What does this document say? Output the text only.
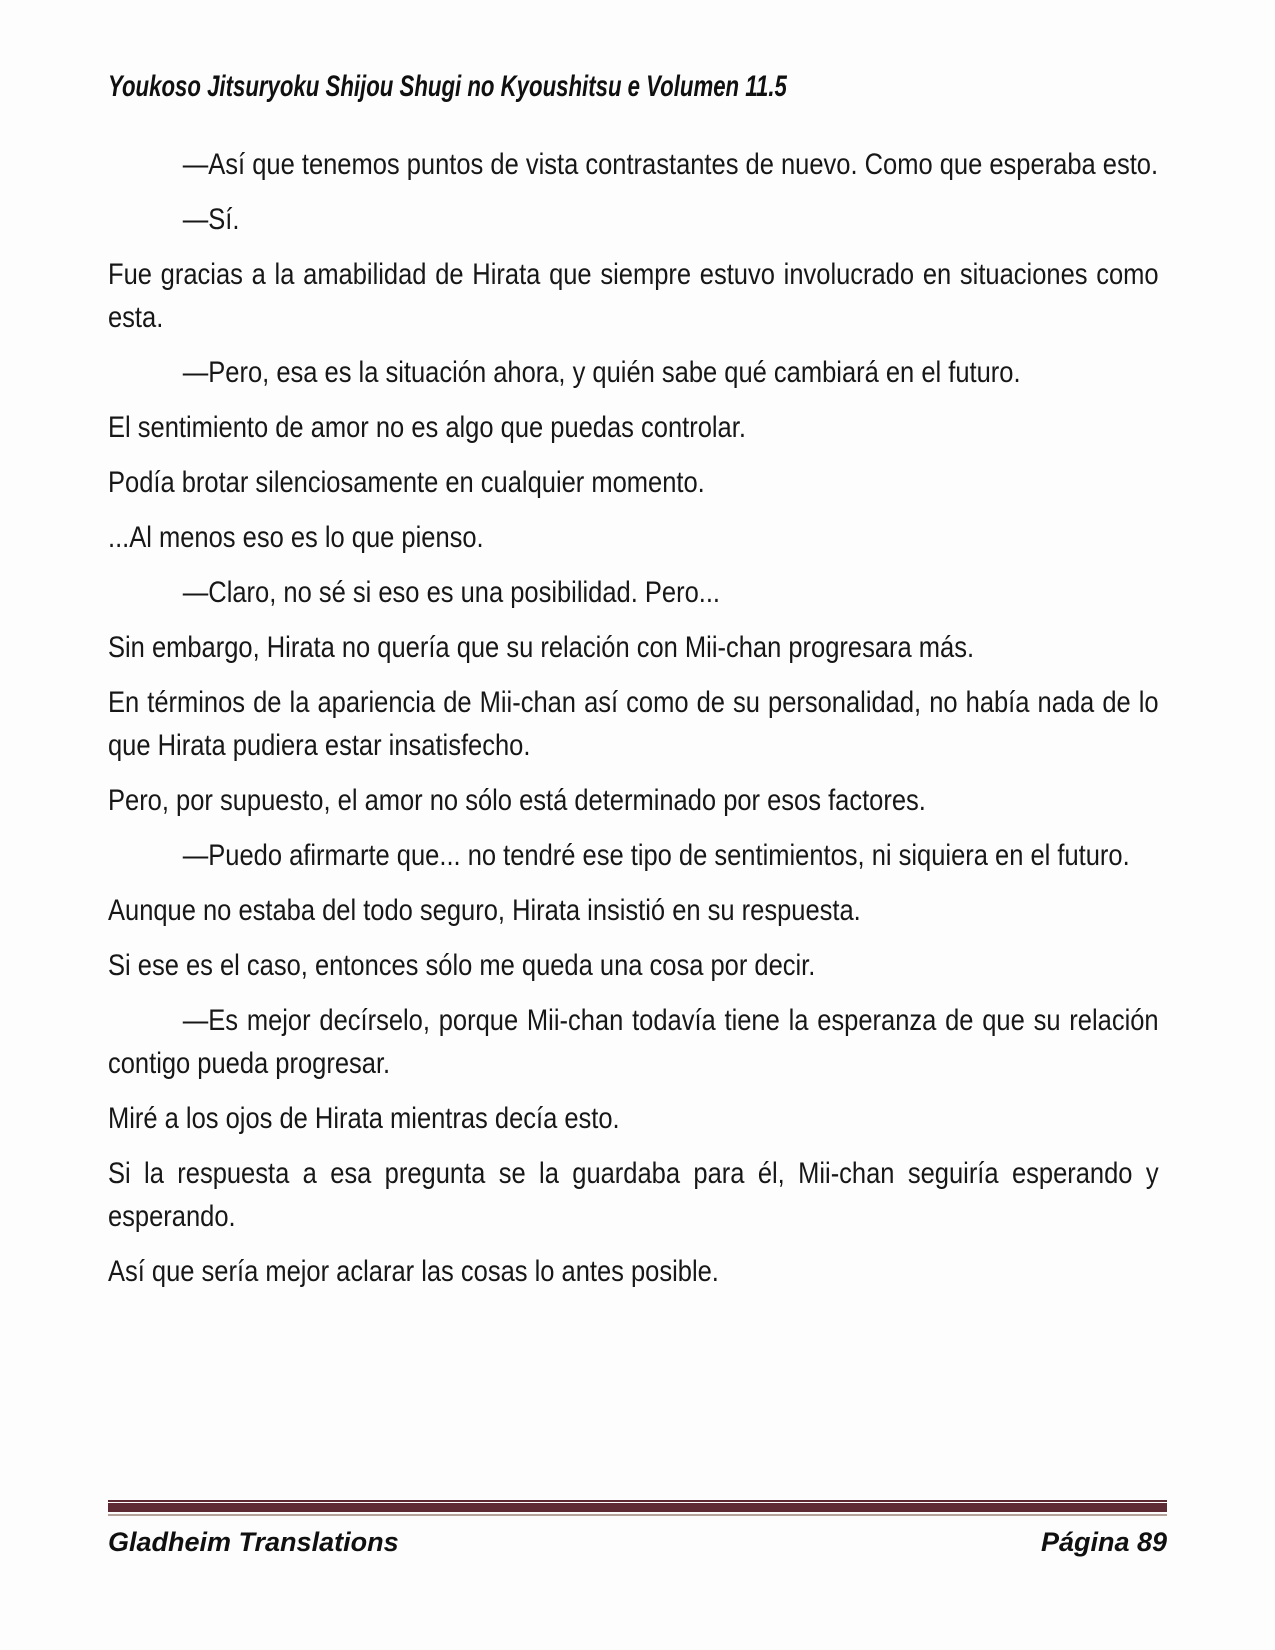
Youkoso Jitsuryoku Shijou Shugi no Kyoushitsu e Volumen 11.5

—Así que tenemos puntos de vista contrastantes de nuevo. Como que esperaba esto.

—Sí.

Fue gracias a la amabilidad de Hirata que siempre estuvo involucrado en situaciones como esta.

—Pero, esa es la situación ahora, y quién sabe qué cambiará en el futuro.

El sentimiento de amor no es algo que puedas controlar.

Podía brotar silenciosamente en cualquier momento.

...Al menos eso es lo que pienso.

—Claro, no sé si eso es una posibilidad. Pero...

Sin embargo, Hirata no quería que su relación con Mii-chan progresara más.

En términos de la apariencia de Mii-chan así como de su personalidad, no había nada de lo que Hirata pudiera estar insatisfecho.

Pero, por supuesto, el amor no sólo está determinado por esos factores.

—Puedo afirmarte que... no tendré ese tipo de sentimientos, ni siquiera en el futuro.

Aunque no estaba del todo seguro, Hirata insistió en su respuesta.

Si ese es el caso, entonces sólo me queda una cosa por decir.

—Es mejor decírselo, porque Mii-chan todavía tiene la esperanza de que su relación contigo pueda progresar.

Miré a los ojos de Hirata mientras decía esto.

Si la respuesta a esa pregunta se la guardaba para él, Mii-chan seguiría esperando y esperando.

Así que sería mejor aclarar las cosas lo antes posible.

Gladheim Translations	Página 89
